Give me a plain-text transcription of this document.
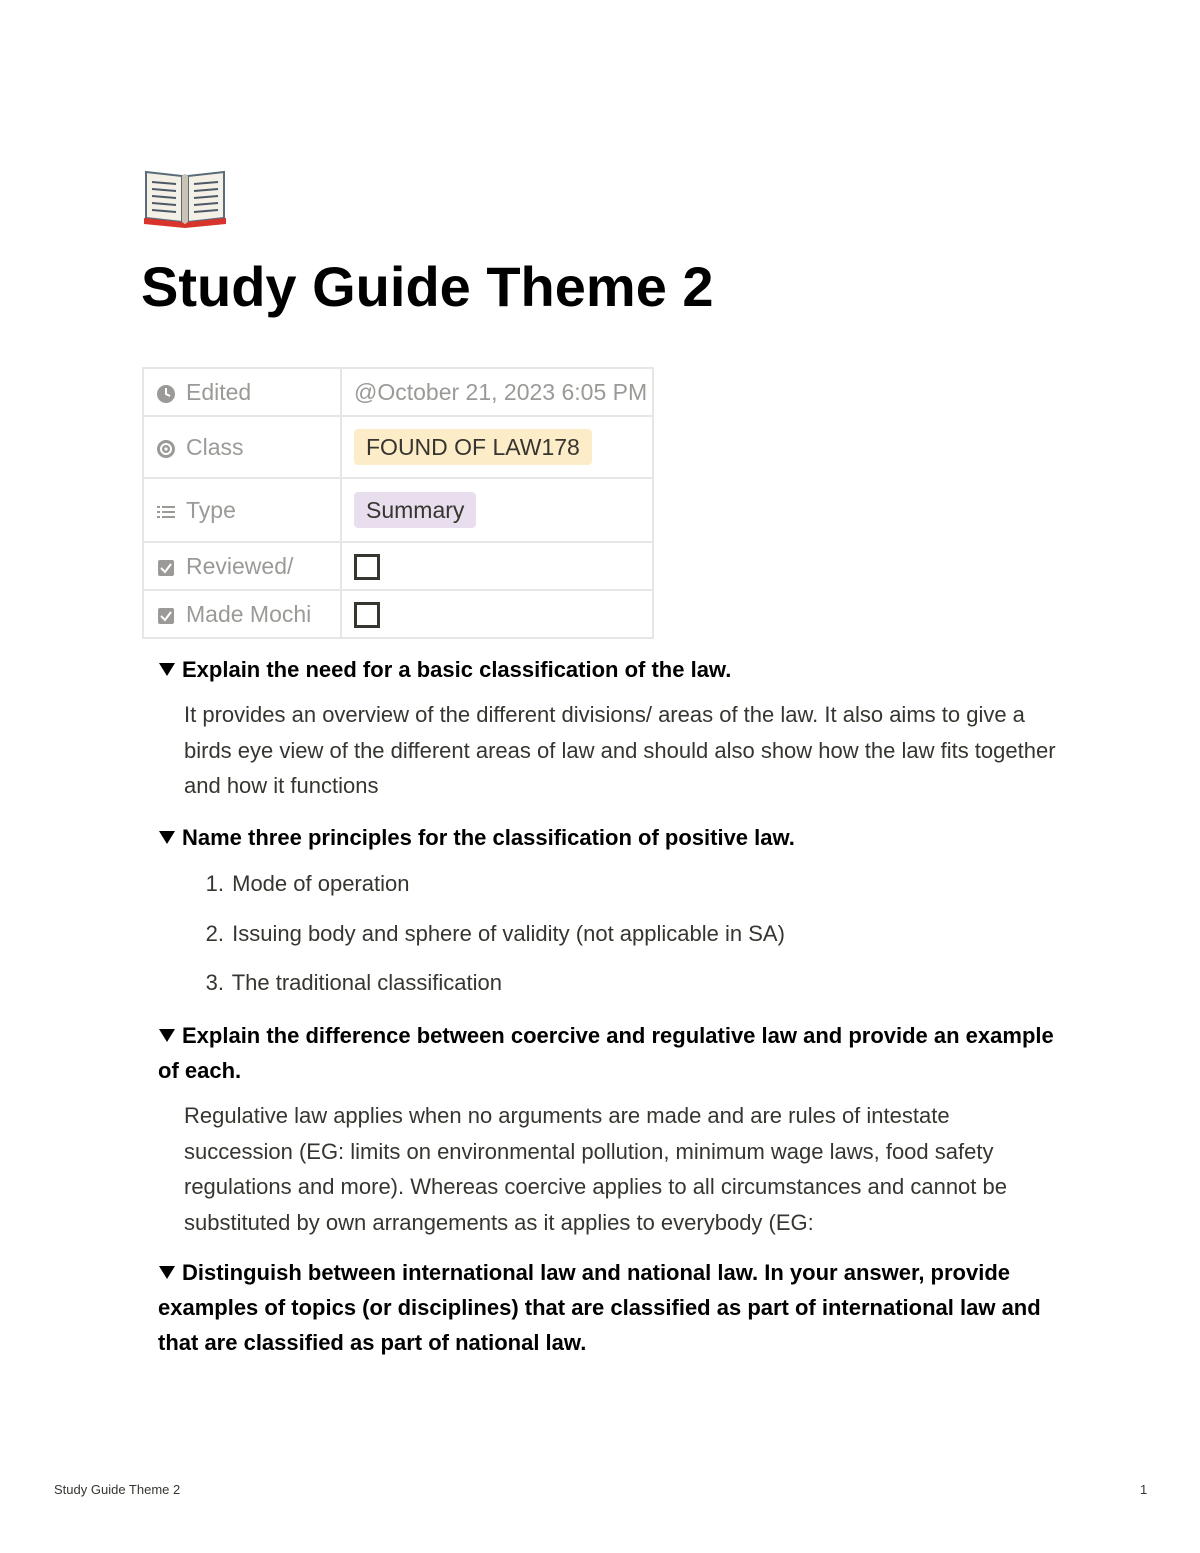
Study Guide Theme 2
Edited	@October 21, 2023 6:05 PM
Class	FOUND OF LAW178
Type	Summary
Reviewed/	
Made Mochi	

Explain the need for a basic classification of the law.

It provides an overview of the different divisions/ areas of the law. It also aims to give a birds eye view of the different areas of law and should also show how the law fits together and how it functions

Name three principles for the classification of positive law.

1. Mode of operation
2. Issuing body and sphere of validity (not applicable in SA)
3. The traditional classification

Explain the difference between coercive and regulative law and provide an example of each.

Regulative law applies when no arguments are made and are rules of intestate succession (EG: limits on environmental pollution, minimum wage laws, food safety regulations and more). Whereas coercive applies to all circumstances and cannot be substituted by own arrangements as it applies to everybody (EG:

Distinguish between international law and national law. In your answer, provide examples of topics (or disciplines) that are classified as part of international law and that are classified as part of national law.

Study Guide Theme 2	1
